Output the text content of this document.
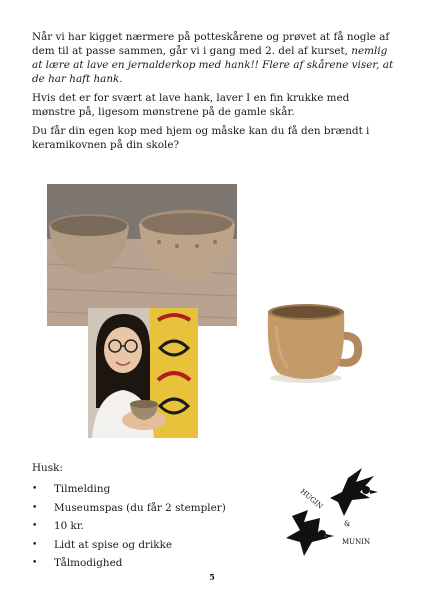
Når vi har kigget nærmere på potteskårene og prøvet at få nogle af dem til at passe sammen, går vi i gang med 2. del af kurset, nemlig at lære at lave en jernalderkop med hank!! Flere af skårene viser, at de har haft hank.

Hvis det er for svært at lave hank, laver I en fin krukke med mønstre på, ligesom mønstrene på de gamle skår.

Du får din egen kop med hjem og måske kan du få den brændt i keramikovnen på din skole?

Husk:

•	Tilmelding
•	Museumspas (du får 2 stempler)
•	10 kr.
•	Lidt at spise og drikke
•	Tålmodighed
HUGIN
&
MUNIN
5
